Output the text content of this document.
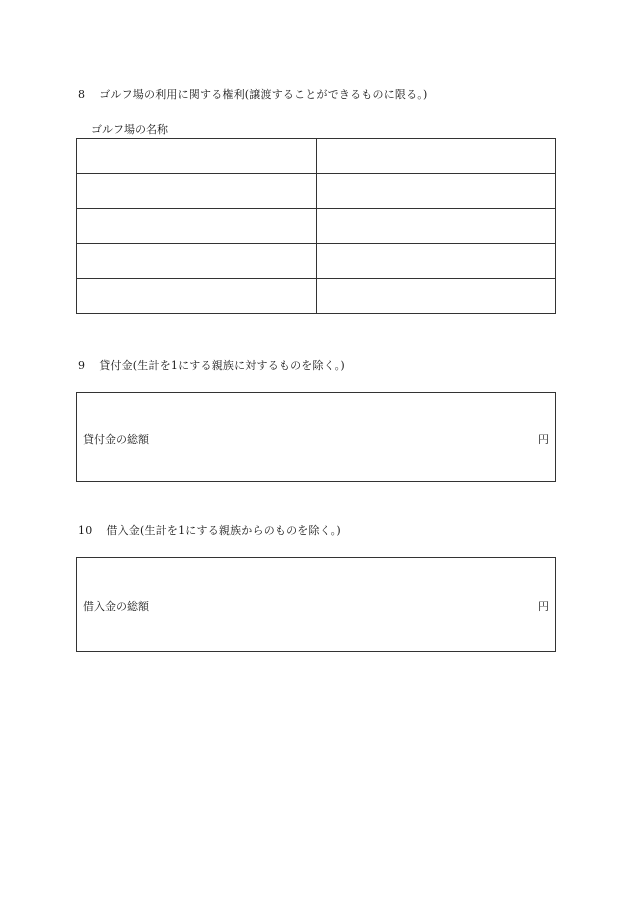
8 ゴルフ場の利用に関する権利(譲渡することができるものに限る。)
ゴルフ場の名称

9 貸付金(生計を1にする親族に対するものを除く。)
貸付金の総額	円
10 借入金(生計を1にする親族からのものを除く。)
借入金の総額	円
